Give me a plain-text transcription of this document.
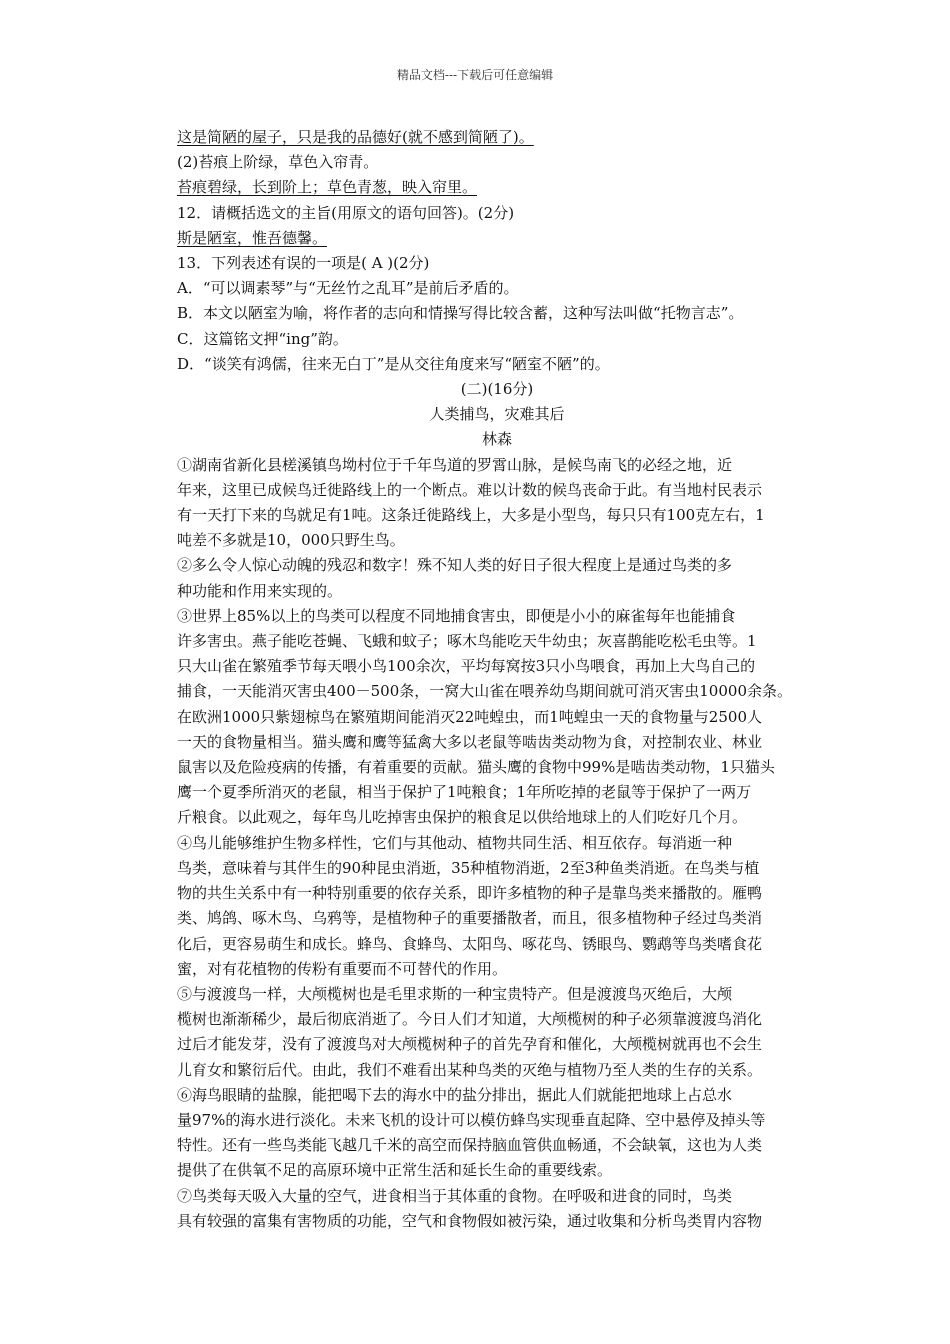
精品文档---下载后可任意编辑
这是简陋的屋子，只是我的品德好(就不感到简陋了)。
(2)苔痕上阶绿，草色入帘青。
苔痕碧绿，长到阶上；草色青葱，映入帘里。
12．请概括选文的主旨(用原文的语句回答)。(2分)
斯是陋室，惟吾德馨。
13．下列表述有误的一项是( A )(2分)
A．“可以调素琴”与“无丝竹之乱耳”是前后矛盾的。
B．本文以陋室为喻，将作者的志向和情操写得比较含蓄，这种写法叫做“托物言志”。
C．这篇铭文押“ing”韵。
D．“谈笑有鸿儒，往来无白丁”是从交往角度来写“陋室不陋”的。
(二)(16分)
人类捕鸟，灾难其后
林森
①湖南省新化县槎溪镇鸟坳村位于千年鸟道的罗霄山脉，是候鸟南飞的必经之地，近
年来，这里已成候鸟迁徙路线上的一个断点。难以计数的候鸟丧命于此。有当地村民表示
有一天打下来的鸟就足有1吨。这条迁徙路线上，大多是小型鸟，每只只有100克左右，1
吨差不多就是10，000只野生鸟。
②多么令人惊心动魄的残忍和数字！殊不知人类的好日子很大程度上是通过鸟类的多
种功能和作用来实现的。
③世界上85%以上的鸟类可以程度不同地捕食害虫，即便是小小的麻雀每年也能捕食
许多害虫。燕子能吃苍蝇、飞蛾和蚊子；啄木鸟能吃天牛幼虫；灰喜鹊能吃松毛虫等。1
只大山雀在繁殖季节每天喂小鸟100余次，平均每窝按3只小鸟喂食，再加上大鸟自己的
捕食，一天能消灭害虫400－500条，一窝大山雀在喂养幼鸟期间就可消灭害虫10000余条。
在欧洲1000只紫翅椋鸟在繁殖期间能消灭22吨蝗虫，而1吨蝗虫一天的食物量与2500人
一天的食物量相当。猫头鹰和鹰等猛禽大多以老鼠等啮齿类动物为食，对控制农业、林业
鼠害以及危险疫病的传播，有着重要的贡献。猫头鹰的食物中99%是啮齿类动物，1只猫头
鹰一个夏季所消灭的老鼠，相当于保护了1吨粮食；1年所吃掉的老鼠等于保护了一两万
斤粮食。以此观之，每年鸟儿吃掉害虫保护的粮食足以供给地球上的人们吃好几个月。
④鸟儿能够维护生物多样性，它们与其他动、植物共同生活、相互依存。每消逝一种
鸟类，意味着与其伴生的90种昆虫消逝，35种植物消逝，2至3种鱼类消逝。在鸟类与植
物的共生关系中有一种特别重要的依存关系，即许多植物的种子是靠鸟类来播散的。雁鸭
类、鸠鸽、啄木鸟、乌鸦等，是植物种子的重要播散者，而且，很多植物种子经过鸟类消
化后，更容易萌生和成长。蜂鸟、食蜂鸟、太阳鸟、啄花鸟、锈眼鸟、鹦鹉等鸟类嗜食花
蜜，对有花植物的传粉有重要而不可替代的作用。
⑤与渡渡鸟一样，大颅榄树也是毛里求斯的一种宝贵特产。但是渡渡鸟灭绝后，大颅
榄树也渐渐稀少，最后彻底消逝了。今日人们才知道，大颅榄树的种子必须靠渡渡鸟消化
过后才能发芽，没有了渡渡鸟对大颅榄树种子的首先孕育和催化，大颅榄树就再也不会生
儿育女和繁衍后代。由此，我们不难看出某种鸟类的灭绝与植物乃至人类的生存的关系。
⑥海鸟眼睛的盐腺，能把喝下去的海水中的盐分排出，据此人们就能把地球上占总水
量97%的海水进行淡化。未来飞机的设计可以模仿蜂鸟实现垂直起降、空中悬停及掉头等
特性。还有一些鸟类能飞越几千米的高空而保持脑血管供血畅通，不会缺氧，这也为人类
提供了在供氧不足的高原环境中正常生活和延长生命的重要线索。
⑦鸟类每天吸入大量的空气，进食相当于其体重的食物。在呼吸和进食的同时，鸟类
具有较强的富集有害物质的功能，空气和食物假如被污染，通过收集和分析鸟类胃内容物
